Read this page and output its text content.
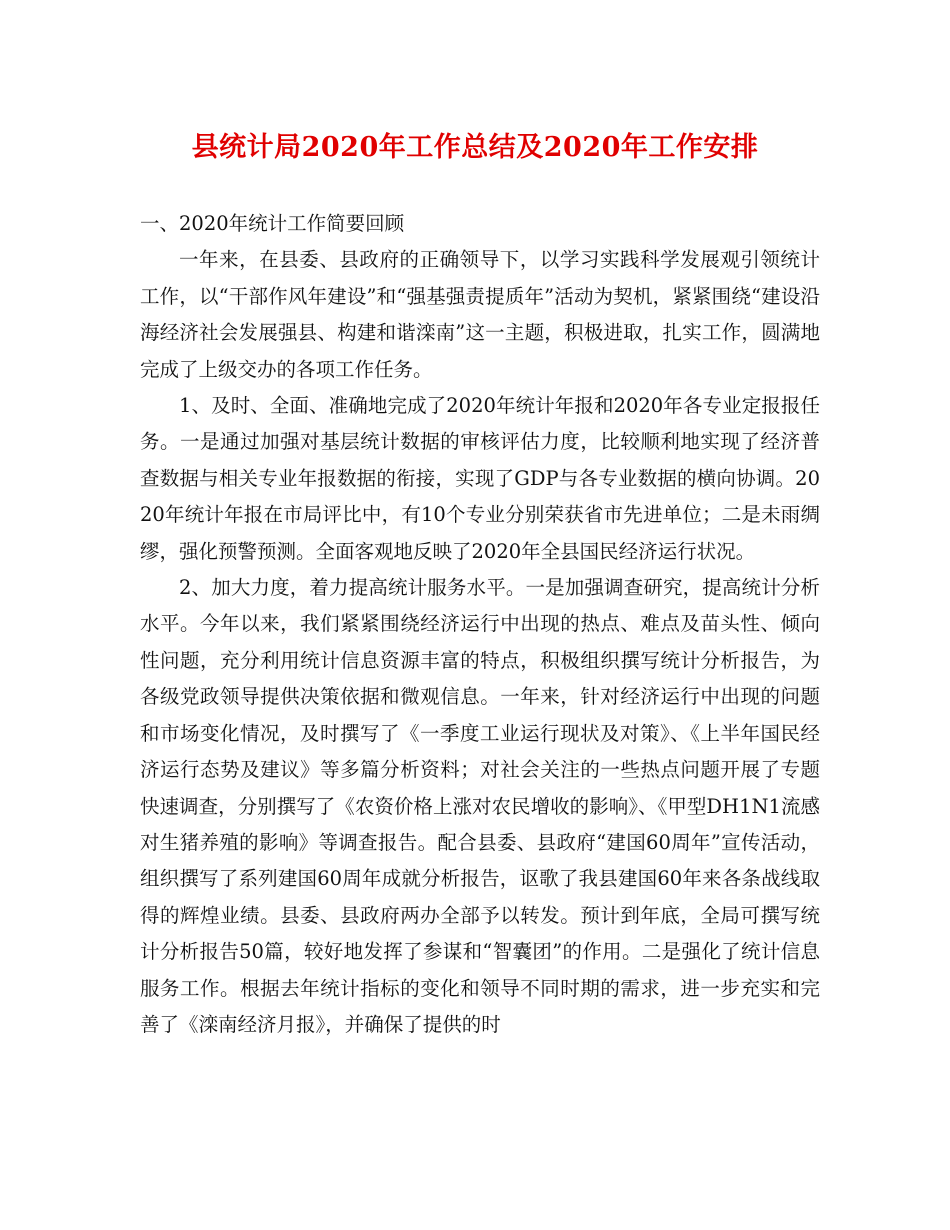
县统计局2020年工作总结及2020年工作安排

一、2020年统计工作简要回顾

一年来，在县委、县政府的正确领导下，以学习实践科学发展观引领统计工作，以“干部作风年建设”和“强基强责提质年”活动为契机，紧紧围绕“建设沿海经济社会发展强县、构建和谐滦南”这一主题，积极进取，扎实工作，圆满地完成了上级交办的各项工作任务。

1、及时、全面、准确地完成了2020年统计年报和2020年各专业定报报任务。一是通过加强对基层统计数据的审核评估力度，比较顺利地实现了经济普查数据与相关专业年报数据的衔接，实现了GDP与各专业数据的横向协调。2020年统计年报在市局评比中，有10个专业分别荣获省市先进单位；二是未雨绸缪，强化预警预测。全面客观地反映了2020年全县国民经济运行状况。

2、加大力度，着力提高统计服务水平。一是加强调查研究，提高统计分析水平。今年以来，我们紧紧围绕经济运行中出现的热点、难点及苗头性、倾向性问题，充分利用统计信息资源丰富的特点，积极组织撰写统计分析报告，为各级党政领导提供决策依据和微观信息。一年来，针对经济运行中出现的问题和市场变化情况，及时撰写了《一季度工业运行现状及对策》、《上半年国民经济运行态势及建议》等多篇分析资料；对社会关注的一些热点问题开展了专题快速调查，分别撰写了《农资价格上涨对农民增收的影响》、《甲型DH1N1流感对生猪养殖的影响》等调查报告。配合县委、县政府“建国60周年”宣传活动，组织撰写了系列建国60周年成就分析报告，讴歌了我县建国60年来各条战线取得的辉煌业绩。县委、县政府两办全部予以转发。预计到年底，全局可撰写统计分析报告50篇，较好地发挥了参谋和“智囊团”的作用。二是强化了统计信息服务工作。根据去年统计指标的变化和领导不同时期的需求，进一步充实和完善了《滦南经济月报》，并确保了提供的时
